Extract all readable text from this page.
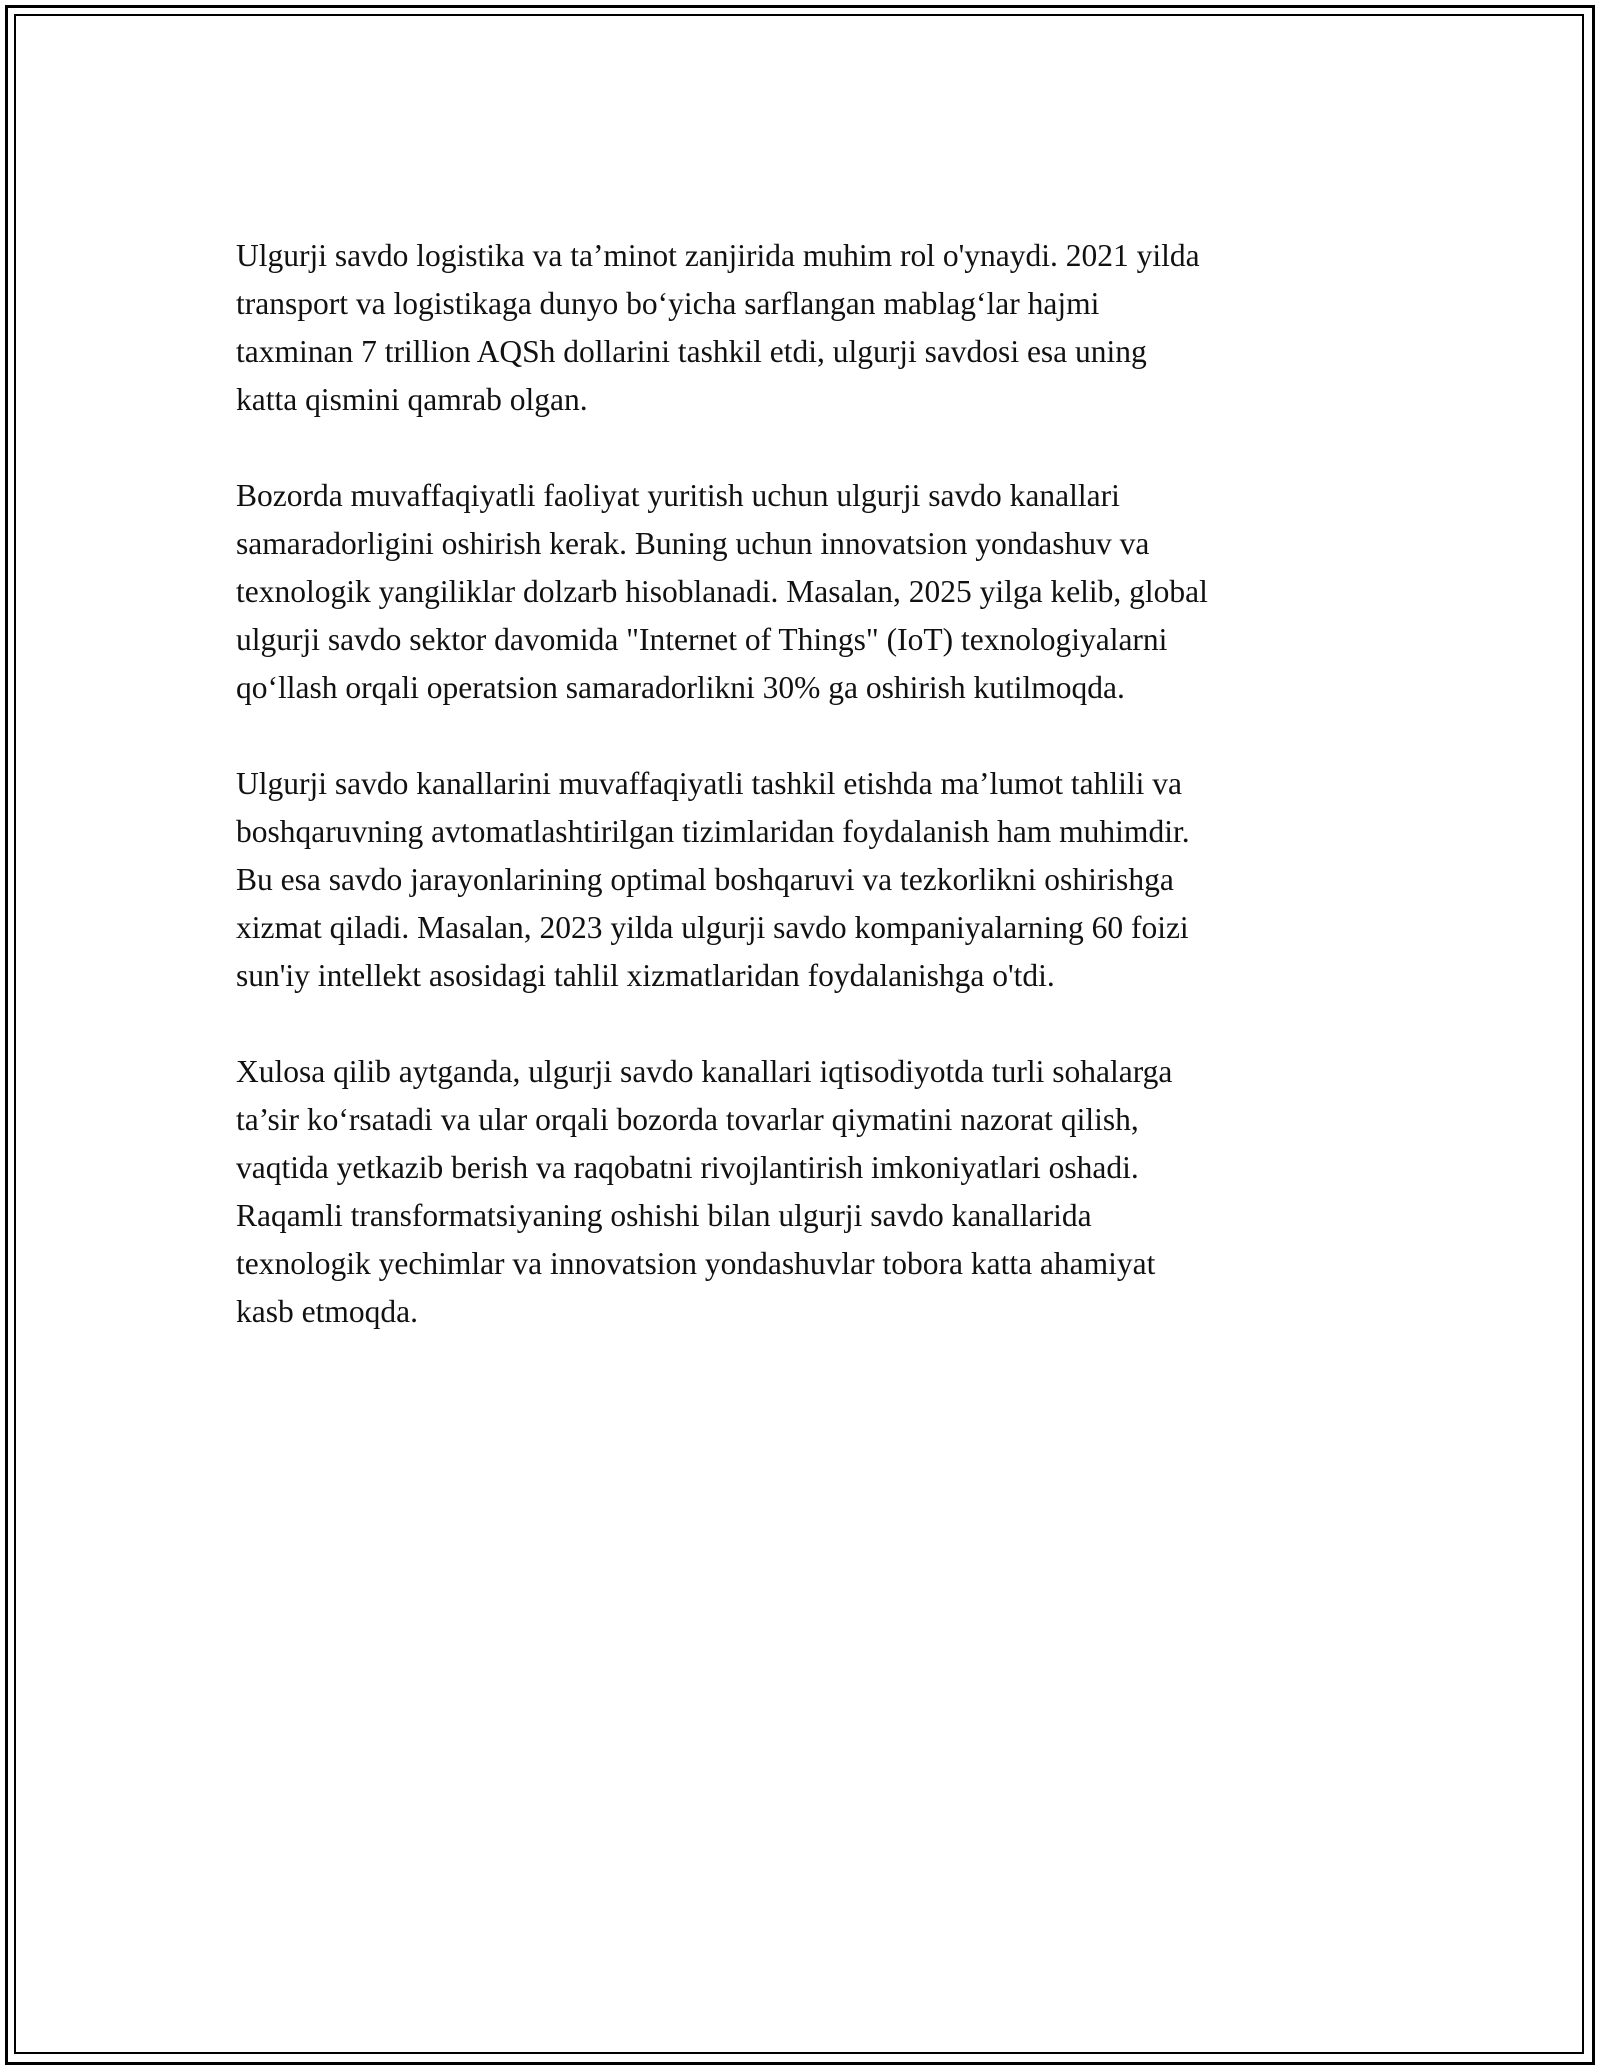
Ulgurji savdo logistika va ta’minot zanjirida muhim rol o'ynaydi. 2021 yilda
transport va logistikaga dunyo bo‘yicha sarflangan mablag‘lar hajmi
taxminan 7 trillion AQSh dollarini tashkil etdi, ulgurji savdosi esa uning
katta qismini qamrab olgan.

Bozorda muvaffaqiyatli faoliyat yuritish uchun ulgurji savdo kanallari
samaradorligini oshirish kerak. Buning uchun innovatsion yondashuv va
texnologik yangiliklar dolzarb hisoblanadi. Masalan, 2025 yilga kelib, global
ulgurji savdo sektor davomida "Internet of Things" (IoT) texnologiyalarni
qo‘llash orqali operatsion samaradorlikni 30% ga oshirish kutilmoqda.

Ulgurji savdo kanallarini muvaffaqiyatli tashkil etishda ma’lumot tahlili va
boshqaruvning avtomatlashtirilgan tizimlaridan foydalanish ham muhimdir.
Bu esa savdo jarayonlarining optimal boshqaruvi va tezkorlikni oshirishga
xizmat qiladi. Masalan, 2023 yilda ulgurji savdo kompaniyalarning 60 foizi
sun'iy intellekt asosidagi tahlil xizmatlaridan foydalanishga o'tdi.

Xulosa qilib aytganda, ulgurji savdo kanallari iqtisodiyotda turli sohalarga
ta’sir ko‘rsatadi va ular orqali bozorda tovarlar qiymatini nazorat qilish,
vaqtida yetkazib berish va raqobatni rivojlantirish imkoniyatlari oshadi.
Raqamli transformatsiyaning oshishi bilan ulgurji savdo kanallarida
texnologik yechimlar va innovatsion yondashuvlar tobora katta ahamiyat
kasb etmoqda.
